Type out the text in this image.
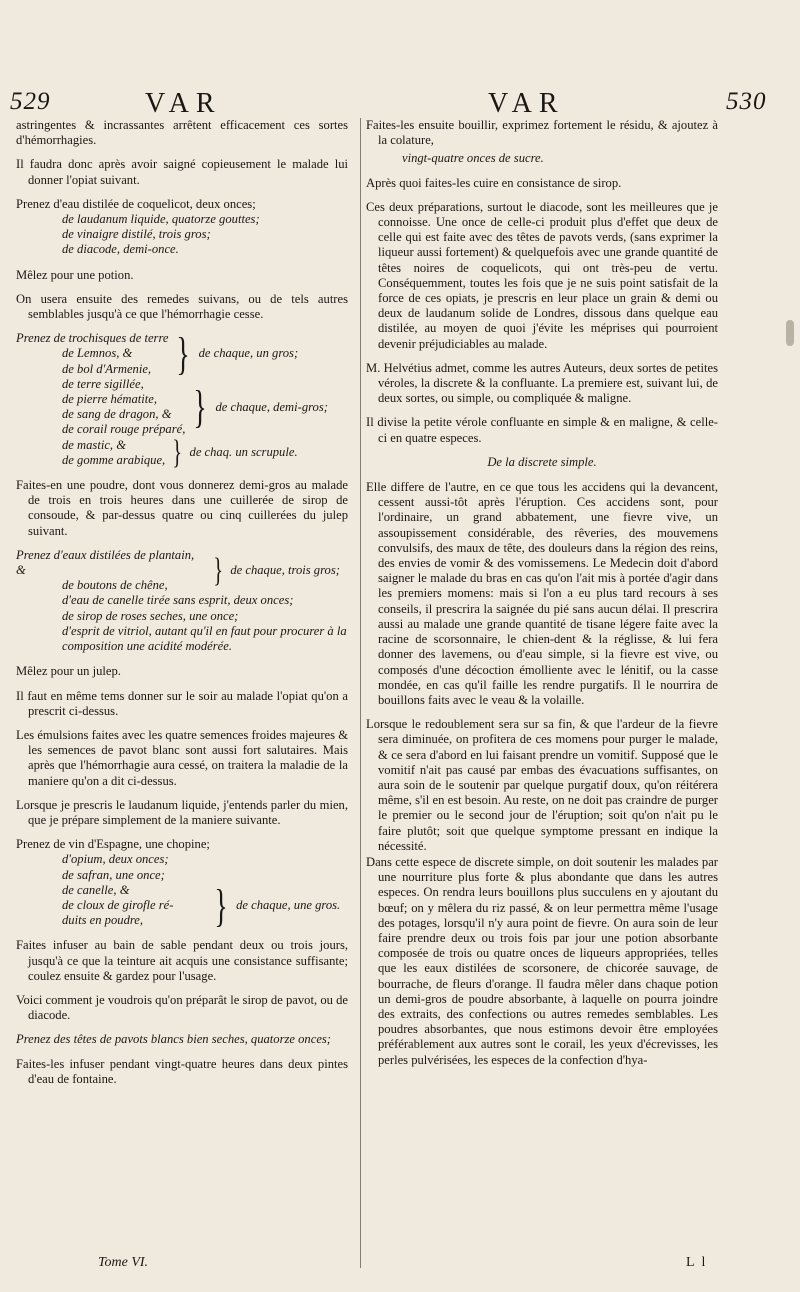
529	VAR	VAR	530

astringentes & incrassantes arrêtent efficacement ces sortes d'hémorrhagies.

Il faudra donc après avoir saigné copieusement le malade lui donner l'opiat suivant.

Prenez d'eau distilée de coquelicot, deux onces;
de laudanum liquide, quatorze gouttes;
de vinaigre distilé, trois gros;
de diacode, demi-once.

Mêlez pour une potion.

On usera ensuite des remedes suivans, ou de tels autres semblables jusqu'à ce que l'hémorrhagie cesse.

Prenez de trochisques de terre
de Lemnos, &
de bol d'Armenie, } de chaque, un gros;
de terre sigillée,
de pierre hématite,
de sang de dragon, &
de corail rouge préparé, } de chaque, demi-gros;
de mastic, &
de gomme arabique, } de chaq. un scrupule.

Faites-en une poudre, dont vous donnerez demi-gros au malade de trois en trois heures dans une cuillerée de sirop de consoude, & par-dessus quatre ou cinq cuillerées du julep suivant.

Prenez d'eaux distilées de plantain, &
de boutons de chêne,	} de chaque, trois gros;
d'eau de canelle tirée sans esprit, deux onces;
de sirop de roses seches, une once;
d'esprit de vitriol, autant qu'il en faut pour procurer à la composition une acidité modérée.

Mêlez pour un julep.

Il faut en même tems donner sur le soir au malade l'opiat qu'on a prescrit ci-dessus.

Les émulsions faites avec les quatre semences froides majeures & les semences de pavot blanc sont aussi fort salutaires. Mais après que l'hémorrhagie aura cessé, on traitera la maladie de la maniere qu'on a dit ci-dessus.

Lorsque je prescris le laudanum liquide, j'entends parler du mien, que je prépare simplement de la maniere suivante.

Prenez de vin d'Espagne, une chopine;
d'opium, deux onces;
de safran, une once;
de canelle, &
de cloux de girofle ré-
duits en poudre,	} de chaque, une gros.

Faites infuser au bain de sable pendant deux ou trois jours, jusqu'à ce que la teinture ait acquis une consistance suffisante; coulez ensuite & gardez pour l'usage.

Voici comment je voudrois qu'on préparât le sirop de pavot, ou de diacode.

Prenez des têtes de pavots blancs bien seches, quatorze onces;

Faites-les infuser pendant vingt-quatre heures dans deux pintes d'eau de fontaine.

Faites-les ensuite bouillir, exprimez fortement le résidu, & ajoutez à la colature,

vingt-quatre onces de sucre.

Après quoi faites-les cuire en consistance de sirop.

Ces deux préparations, surtout le diacode, sont les meilleures que je connoisse. Une once de celle-ci produit plus d'effet que deux de celle qui est faite avec des têtes de pavots verds, (sans exprimer la liqueur aussi fortement) & quelquefois avec une grande quantité de têtes noires de coquelicots, qui ont très-peu de vertu. Conséquemment, toutes les fois que je ne suis point satisfait de la force de ces opiats, je prescris en leur place un grain & demi ou deux de laudanum solide de Londres, dissous dans quelque eau distilée, au moyen de quoi j'évite les méprises qui pourroient devenir préjudiciables au malade.

M. Helvétius admet, comme les autres Auteurs, deux sortes de petites véroles, la discrete & la confluante. La premiere est, suivant lui, de deux sortes, ou simple, ou compliquée & maligne.

Il divise la petite vérole confluante en simple & en maligne, & celle-ci en quatre especes.

De la discrete simple.

Elle differe de l'autre, en ce que tous les accidens qui la devancent, cessent aussi-tôt après l'éruption. Ces accidens sont, pour l'ordinaire, un grand abbatement, une fievre vive, un assoupissement considérable, des rêveries, des mouvemens convulsifs, des maux de tête, des douleurs dans la région des reins, des envies de vomir & des vomissemens. Le Medecin doit d'abord saigner le malade du bras en cas qu'on l'ait mis à portée d'agir dans les premiers momens: mais si l'on a eu plus tard recours à ses conseils, il prescrira la saignée du pié sans aucun délai. Il prescrira aussi au malade une grande quantité de tisane légere faite avec la racine de scorsonnaire, le chien-dent & la réglisse, & lui fera donner des lavemens, ou d'eau simple, si la fievre est vive, ou composés d'une décoction émolliente avec le lénitif, ou la casse mondée, en cas qu'il faille les rendre purgatifs. Il le nourrira de bouillons faits avec le veau & la volaille.

Lorsque le redoublement sera sur sa fin, & que l'ardeur de la fievre sera diminuée, on profitera de ces momens pour purger le malade, & ce sera d'abord en lui faisant prendre un vomitif. Supposé que le vomitif n'ait pas causé par embas des évacuations suffisantes, on aura soin de le soutenir par quelque purgatif doux, qu'on réitérera même, s'il en est besoin. Au reste, on ne doit pas craindre de purger le premier ou le second jour de l'éruption; soit qu'on n'ait pu le faire plutôt; soit que quelque symptome pressant en indique la nécessité.

Dans cette espece de discrete simple, on doit soutenir les malades par une nourriture plus forte & plus abondante que dans les autres especes. On rendra leurs bouillons plus succulens en y ajoutant du bœuf; on y mêlera du riz passé, & on leur permettra même l'usage des potages, lorsqu'il n'y aura point de fievre. On aura soin de leur faire prendre deux ou trois fois par jour une potion absorbante composée de trois ou quatre onces de liqueurs appropriées, telles que les eaux distilées de scorsonere, de chicorée sauvage, de bourrache, de fleurs d'orange. Il faudra mêler dans chaque potion un demi-gros de poudre absorbante, à laquelle on pourra joindre des extraits, des confections ou autres remedes semblables. Les poudres absorbantes, que nous estimons devoir être employées préférablement aux autres sont le corail, les yeux d'écrevisses, les perles pulvérisées, les especes de la confection d'hya-

Tome VI.	L l
